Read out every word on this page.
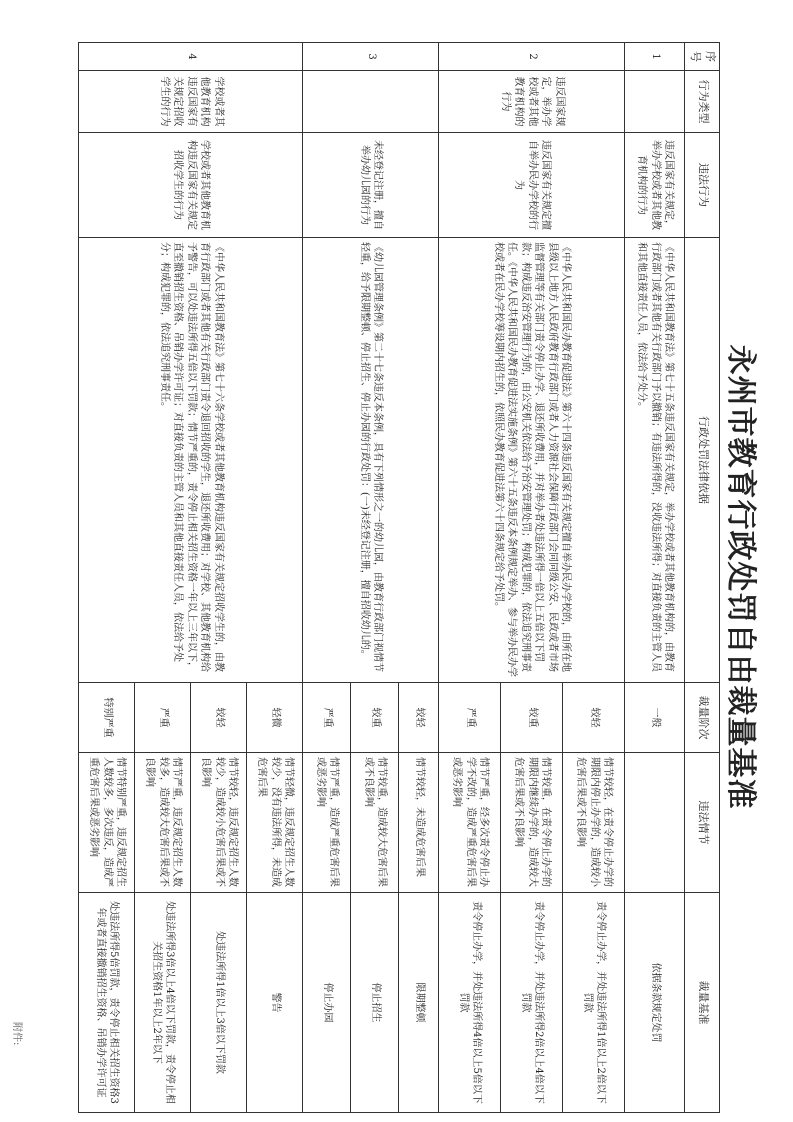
附件:
永州市教育行政处罚自由裁量基准
序号	行为类型	违法行为	行政处罚法律依据	裁量阶次	违法情节	裁量基准
1		违反国家有关规定，举办学校或者其他教育机构的行为	《中华人民共和国教育法》第七十五条违反国家有关规定，举办学校或者其他教育机构的，由教育行政部门或者其他有关行政部门予以撤销；有违法所得的，没收违法所得；对直接负责的主管人员和其他直接责任人员，依法给予处分。	一般		依据条款规定处罚
2	违反国家规定，举办学校或者其他教育机构的行为	违反国家有关规定擅自举办民办学校的行为	《中华人民共和国民办教育促进法》第六十四条违反国家有关规定擅自举办民办学校的，由所在地县级以上地方人民政府教育行政部门或者人力资源社会保障行政部门会同同级公安、民政或者市场监督管理等有关部门责令停止办学、退还所收费用，并对举办者处违法所得一倍以上五倍以下罚款；构成违反治安管理行为的，由公安机关依法给予治安管理处罚；构成犯罪的，依法追究刑事责任。《中华人民共和国民办教育促进法实施条例》第六十五条违反本条例规定举办、参与举办民办学校或者在民办学校筹设期内招生的，依照民办教育促进法第六十四条规定给予处罚。	较轻	情节较轻，在责令停止办学的期限内停止办学的，造成较小危害后果或不良影响	责令停止办学，并处违法所得1倍以上2倍以下罚款
				较重	情节较重，在责令停止办学的期限内继续办学的，造成较大危害后果或不良影响	责令停止办学，并处违法所得2倍以上4倍以下罚款
				严重	情节严重，经多次责令停止办学不改的，造成严重危害后果或恶劣影响	责令停止办学，并处违法所得4倍以上5倍以下罚款
3		未经登记注册，擅自举办幼儿园的行为	《幼儿园管理条例》第二十七条违反本条例，具有下列情形之一的幼儿园，由教育行政部门视情节轻重，给予限期整顿、停止招生、停止办园的行政处罚：(一)未经登记注册，擅自招收幼儿的。	较轻	情节较轻，未造成危害后果	限期整顿
				较重	情节较重，造成较大危害后果或不良影响	停止招生
				严重	情节严重，造成严重危害后果或恶劣影响	停止办园
4	学校或者其他教育机构违反国家有关规定招收学生的行为	学校或者其他教育机构违反国家有关规定招收学生的行为	《中华人民共和国教育法》第七十六条学校或者其他教育机构违反国家有关规定招收学生的，由教育行政部门或者其他有关行政部门责令退回招收的学生，退还所收费用；对学校、其他教育机构给予警告，可以处违法所得五倍以下罚款；情节严重的，责令停止相关招生资格一年以上三年以下，直至撤销招生资格、吊销办学许可证；对直接负责的主管人员和其他直接责任人员，依法给予处分；构成犯罪的，依法追究刑事责任。	轻微	情节轻微，违反规定招生人数较少，没有违法所得，未造成危害后果	警告
				较轻	情节较轻，违反规定招生人数较少，造成较小危害后果或不良影响	处违法所得1倍以上3倍以下罚款
				严重	情节严重，违反规定招生人数较多，造成较大危害后果或不良影响	处违法所得3倍以上4倍以下罚款，责令停止相关招生资格1年以上2年以下
				特别严重	情节特别严重，违反规定招生人数较多，多次违反，造成严重危害后果或恶劣影响	处违法所得5倍罚款，责令停止相关招生资格3年或者直接撤销招生资格、吊销办学许可证
